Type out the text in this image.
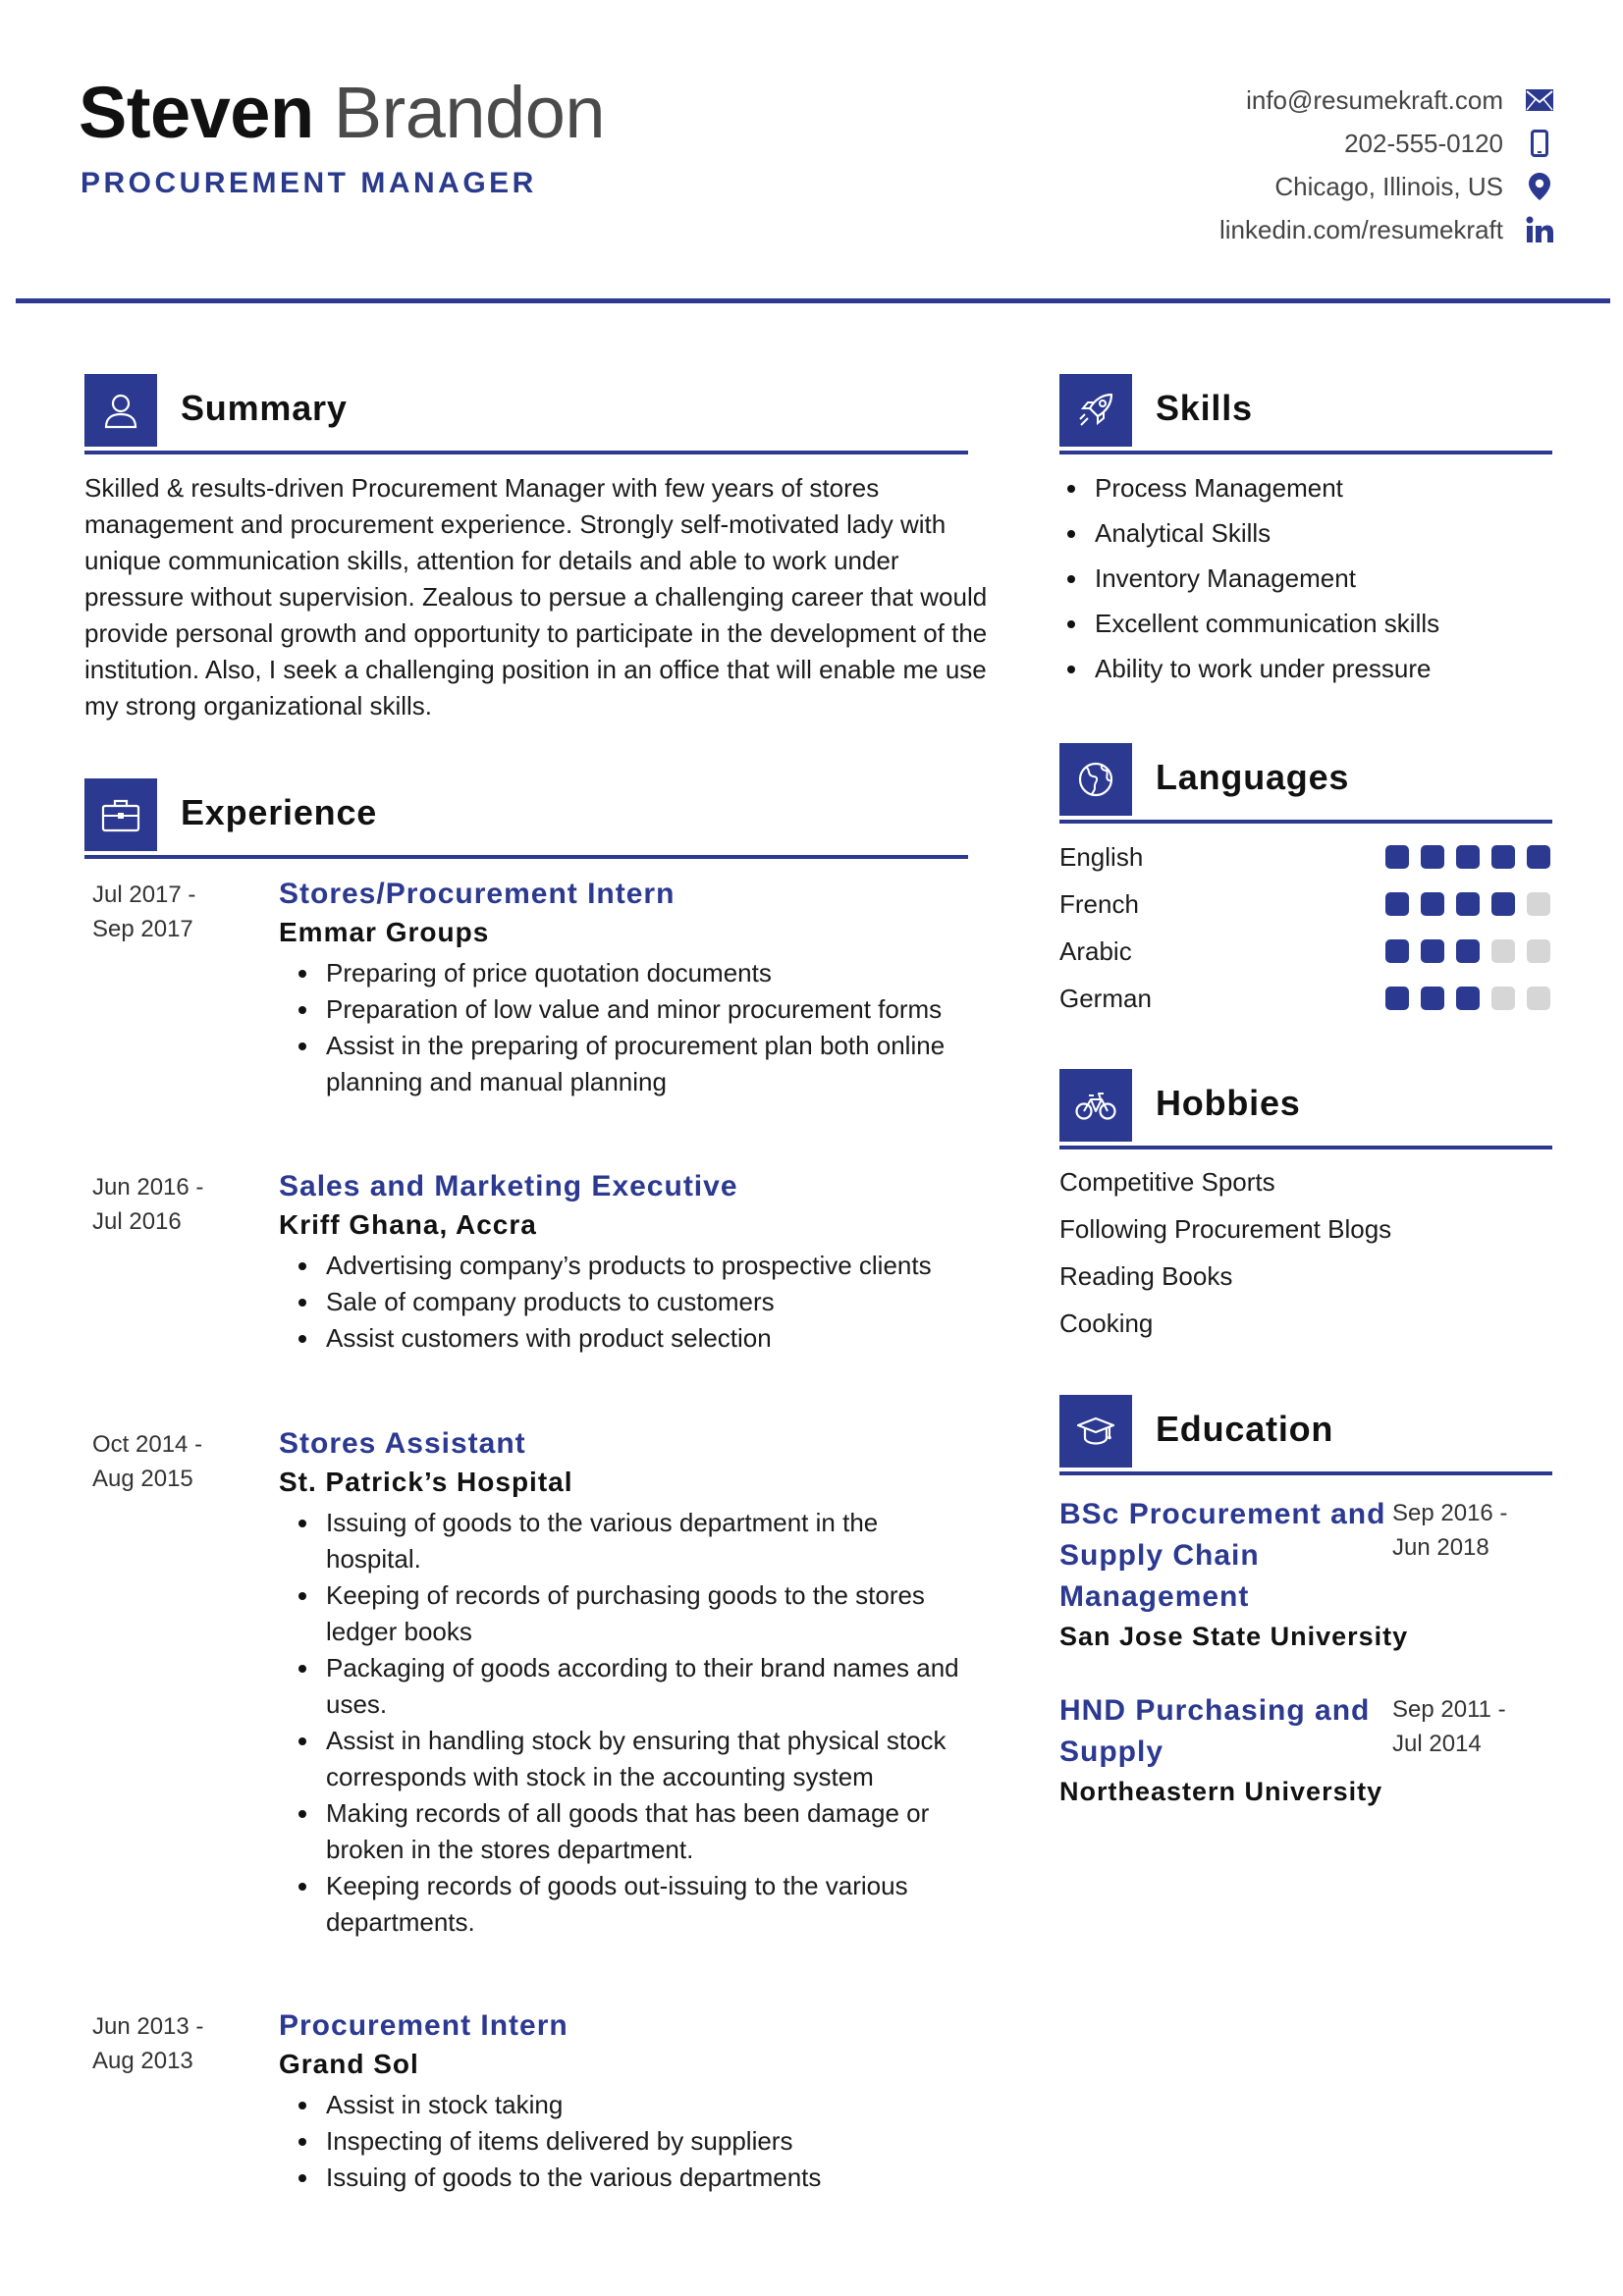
Steven Brandon
PROCUREMENT MANAGER
info@resumekraft.com
202-555-0120
Chicago, Illinois, US
linkedin.com/resumekraft
Summary
Skilled & results-driven Procurement Manager with few years of stores management and procurement experience. Strongly self-motivated lady with unique communication skills, attention for details and able to work under pressure without supervision. Zealous to persue a challenging career that would provide personal growth and opportunity to participate in the development of the institution. Also, I seek a challenging position in an office that will enable me use my strong organizational skills.
Experience
Jul 2017 -
Sep 2017
Stores/Procurement Intern
Emmar Groups
Preparing of price quotation documents
Preparation of low value and minor procurement forms
Assist in the preparing of procurement plan both online planning and manual planning
Jun 2016 -
Jul 2016
Sales and Marketing Executive
Kriff Ghana, Accra
Advertising company’s products to prospective clients
Sale of company products to customers
Assist customers with product selection
Oct 2014 -
Aug 2015
Stores Assistant
St. Patrick’s Hospital
Issuing of goods to the various department in the hospital.
Keeping of records of purchasing goods to the stores ledger books
Packaging of goods according to their brand names and uses.
Assist in handling stock by ensuring that physical stock corresponds with stock in the accounting system
Making records of all goods that has been damage or broken in the stores department.
Keeping records of goods out-issuing to the various departments.
Jun 2013 -
Aug 2013
Procurement Intern
Grand Sol
Assist in stock taking
Inspecting of items delivered by suppliers
Issuing of goods to the various departments
Skills
Process Management
Analytical Skills
Inventory Management
Excellent communication skills
Ability to work under pressure
Languages
English
French
Arabic
German
Hobbies
Competitive Sports
Following Procurement Blogs
Reading Books
Cooking
Education
BSc Procurement and
Supply Chain
Management
San Jose State University
Sep 2016 -
Jun 2018
HND Purchasing and
Supply
Northeastern University
Sep 2011 -
Jul 2014
